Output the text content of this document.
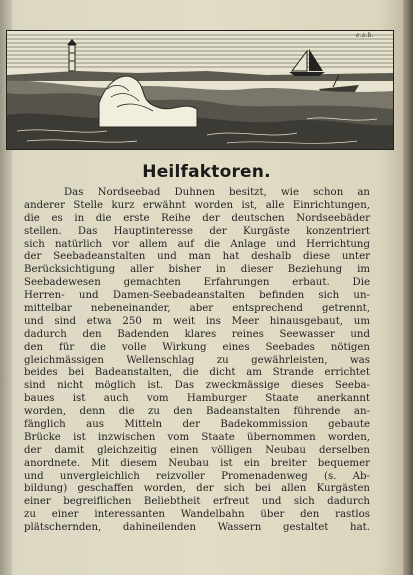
e.s.b.
Heilfaktoren.
Das Nordseebad Duhnen besitzt, wie schon an
anderer Stelle kurz erwähnt worden ist, alle Einrichtungen,
die es in die erste Reihe der deutschen Nordseebäder
stellen. Das Hauptinteresse der Kurgäste konzentriert
sich natürlich vor allem auf die Anlage und Herrichtung
der Seebadeanstalten und man hat deshalb diese unter
Berücksichtigung aller bisher in dieser Beziehung im
Seebadewesen gemachten Erfahrungen erbaut. Die
Herren- und Damen-Seebadeanstalten befinden sich un-
mittelbar nebeneinander, aber entsprechend getrennt,
und sind etwa 250 m weit ins Meer hinausgebaut, um
dadurch den Badenden klares reines Seewasser und
den für die volle Wirkung eines Seebades nötigen
gleichmässigen Wellenschlag zu gewährleisten, was
beides bei Badeanstalten, die dicht am Strande errichtet
sind nicht möglich ist. Das zweckmässige dieses Seeba-
baues ist auch vom Hamburger Staate anerkannt
worden, denn die zu den Badeanstalten führende an-
fänglich aus Mitteln der Badekommission gebaute
Brücke ist inzwischen vom Staate übernommen worden,
der damit gleichzeitig einen völligen Neubau derselben
anordnete. Mit diesem Neubau ist ein breiter bequemer
und unvergleichlich reizvoller Promenadenweg (s. Ab-
bildung) geschaffen worden, der sich bei allen Kurgästen
einer begreiflichen Beliebtheit erfreut und sich dadurch
zu einer interessanten Wandelbahn über den rastlos
plätschernden, dahineilenden Wassern gestaltet hat.
